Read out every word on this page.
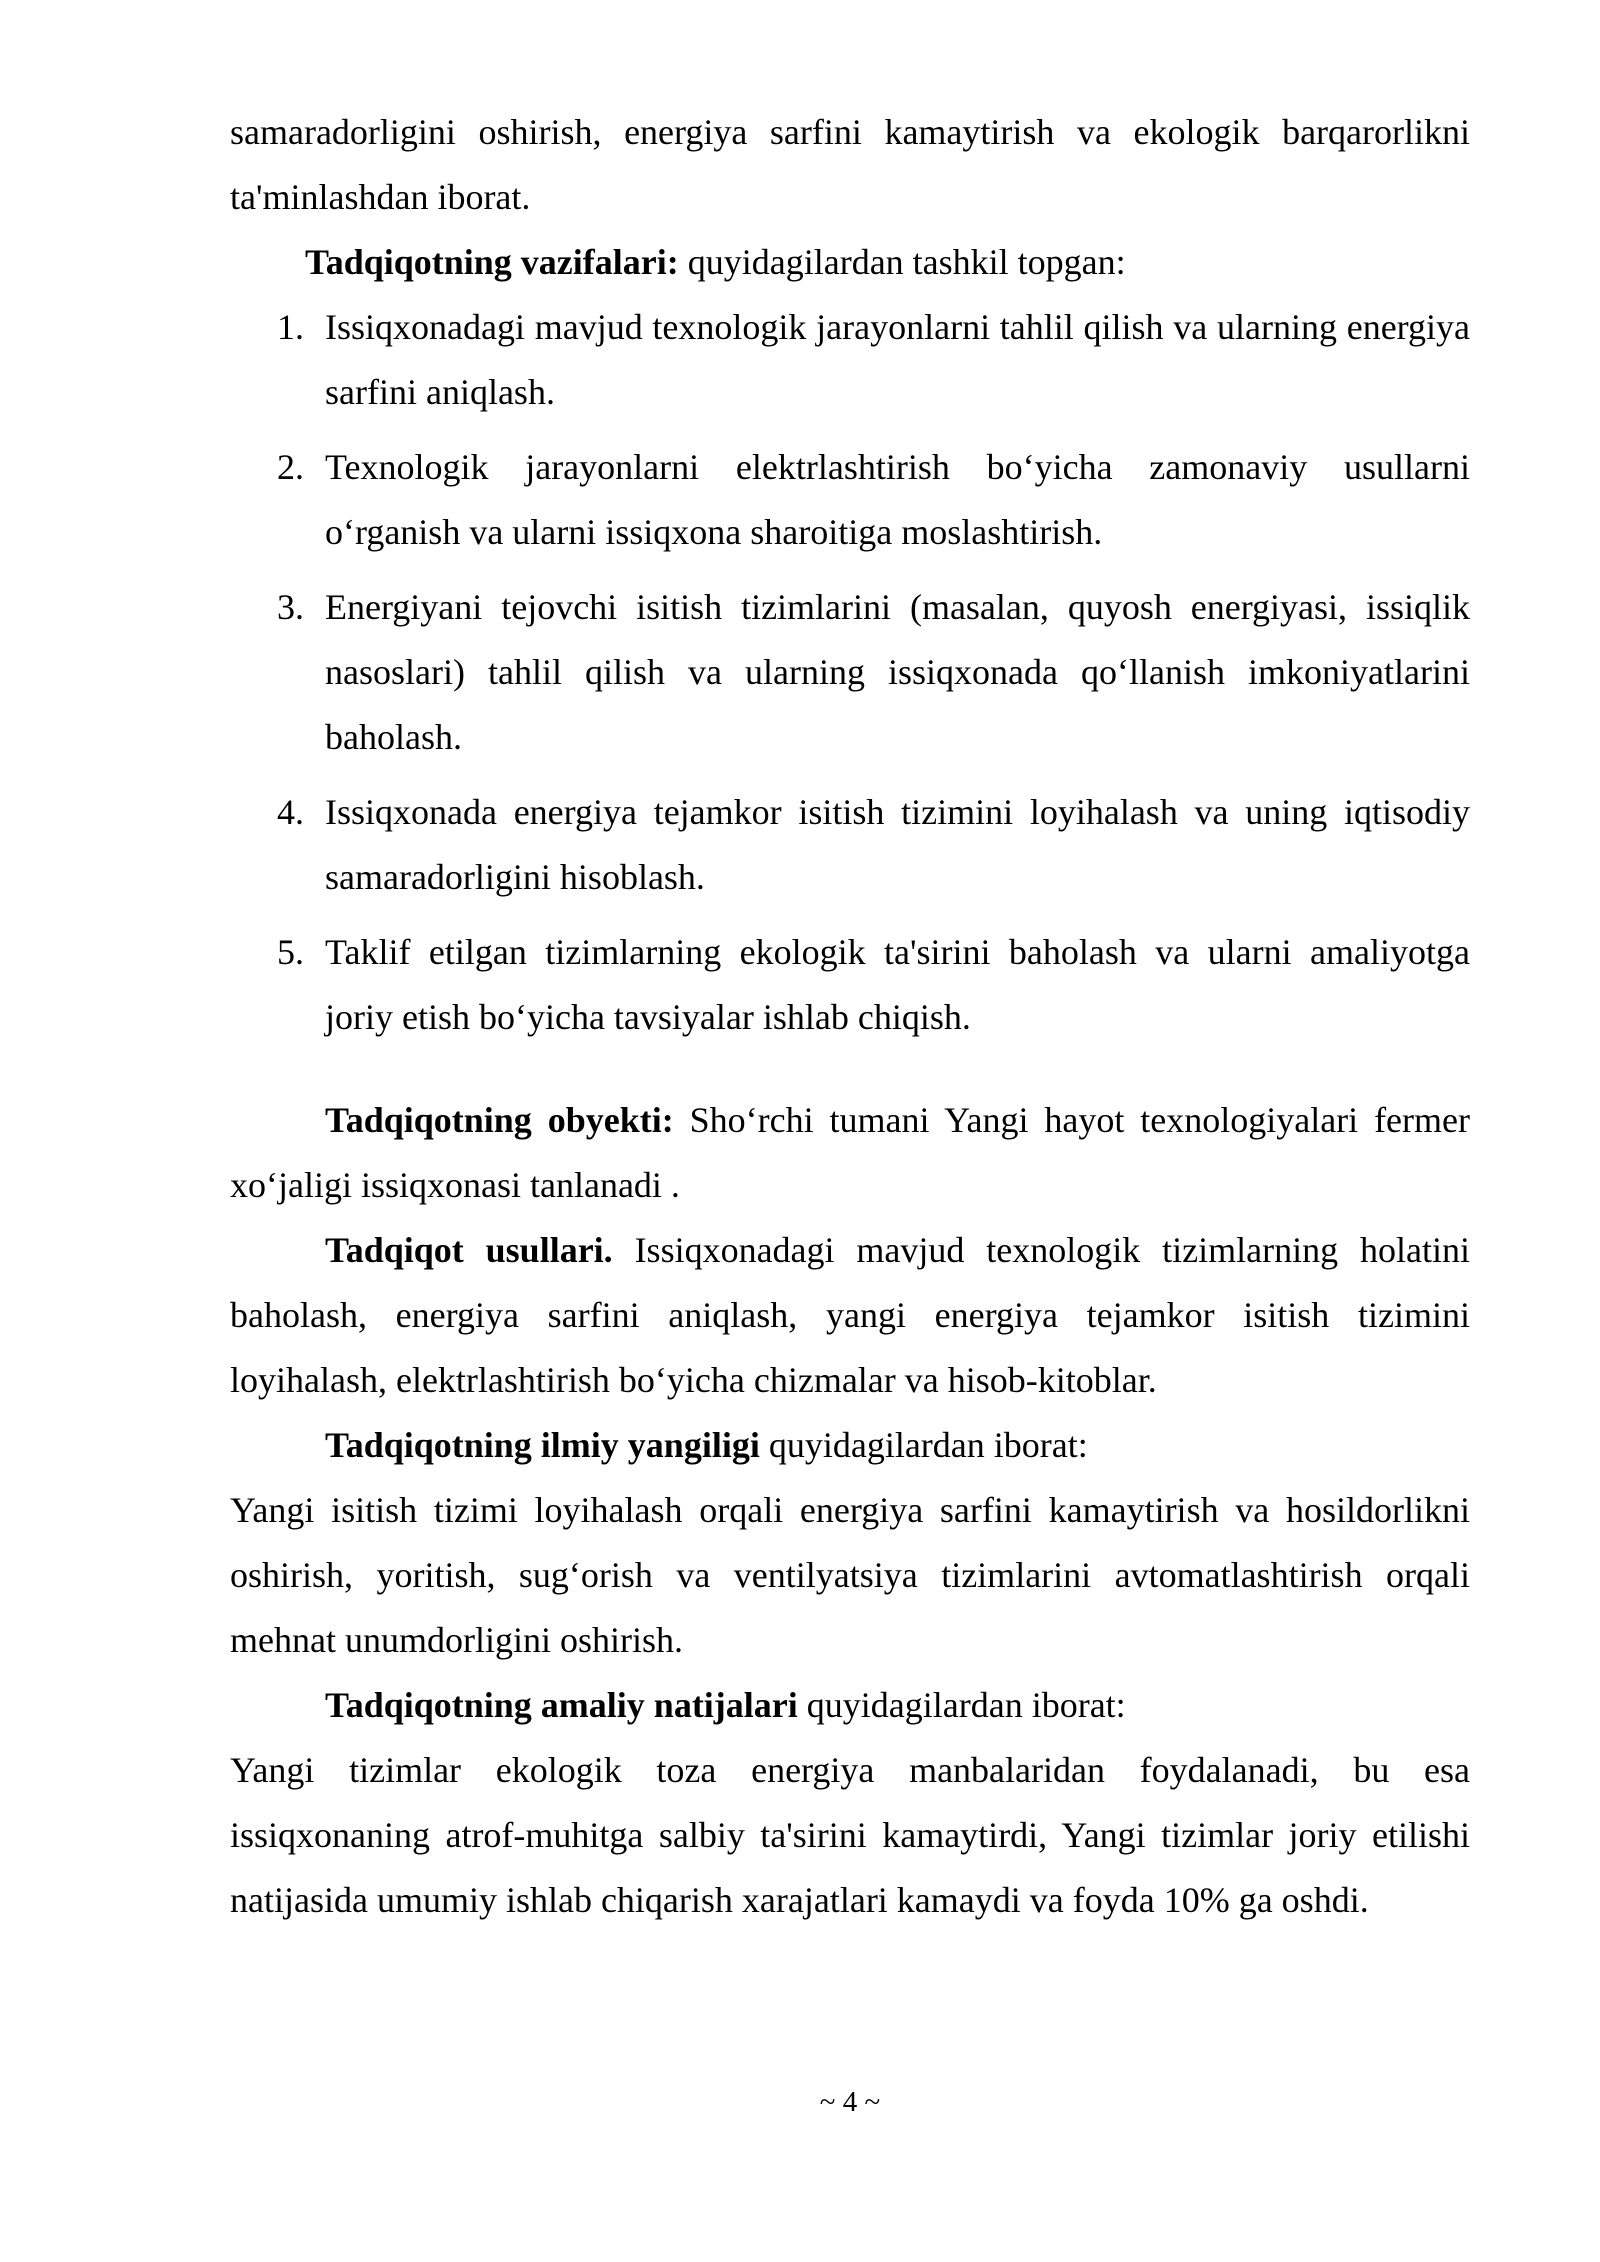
samaradorligini oshirish, energiya sarfini kamaytirish va ekologik barqarorlikni ta'minlashdan iborat.

Tadqiqotning vazifalari: quyidagilardan tashkil topgan:

Issiqxonadagi mavjud texnologik jarayonlarni tahlil qilish va ularning energiya sarfini aniqlash.
Texnologik jarayonlarni elektrlashtirish bo‘yicha zamonaviy usullarni o‘rganish va ularni issiqxona sharoitiga moslashtirish.
Energiyani tejovchi isitish tizimlarini (masalan, quyosh energiyasi, issiqlik nasoslari) tahlil qilish va ularning issiqxonada qo‘llanish imkoniyatlarini baholash.
Issiqxonada energiya tejamkor isitish tizimini loyihalash va uning iqtisodiy samaradorligini hisoblash.
Taklif etilgan tizimlarning ekologik ta'sirini baholash va ularni amaliyotga joriy etish bo‘yicha tavsiyalar ishlab chiqish.

Tadqiqotning obyekti: Sho‘rchi tumani Yangi hayot texnologiyalari fermer xo‘jaligi issiqxonasi tanlanadi .

Tadqiqot usullari. Issiqxonadagi mavjud texnologik tizimlarning holatini baholash, energiya sarfini aniqlash, yangi energiya tejamkor isitish tizimini loyihalash, elektrlashtirish bo‘yicha chizmalar va hisob-kitoblar.

Tadqiqotning ilmiy yangiligi quyidagilardan iborat:

Yangi isitish tizimi loyihalash orqali energiya sarfini kamaytirish va hosildorlikni oshirish, yoritish, sug‘orish va ventilyatsiya tizimlarini avtomatlashtirish orqali mehnat unumdorligini oshirish.

Tadqiqotning amaliy natijalari quyidagilardan iborat:

Yangi tizimlar ekologik toza energiya manbalaridan foydalanadi, bu esa issiqxonaning atrof-muhitga salbiy ta'sirini kamaytirdi, Yangi tizimlar joriy etilishi natijasida umumiy ishlab chiqarish xarajatlari kamaydi va foyda 10% ga oshdi.

~ 4 ~
